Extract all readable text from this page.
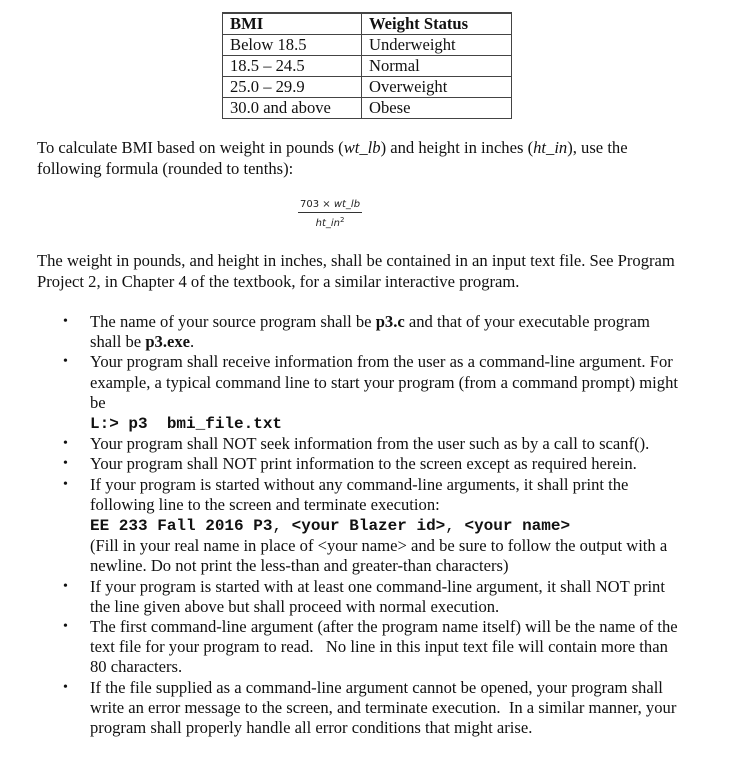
BMI	Weight Status
Below 18.5	Underweight
18.5 – 24.5	Normal
25.0 – 29.9	Overweight
30.0 and above	Obese

To calculate BMI based on weight in pounds (wt_lb) and height in inches (ht_in), use the following formula (rounded to tenths):

$\frac{703 \times wt\_lb}{ht\_in^2}$

The weight in pounds, and height in inches, shall be contained in an input text file. See Program Project 2, in Chapter 4 of the textbook, for a similar interactive program.

• The name of your source program shall be p3.c and that of your executable program shall be p3.exe.
• Your program shall receive information from the user as a command-line argument. For example, a typical command line to start your program (from a command prompt) might be
L:> p3  bmi_file.txt
• Your program shall NOT seek information from the user such as by a call to scanf().
• Your program shall NOT print information to the screen except as required herein.
• If your program is started without any command-line arguments, it shall print the following line to the screen and terminate execution:
EE 233 Fall 2016 P3, <your Blazer id>, <your name>
(Fill in your real name in place of <your name> and be sure to follow the output with a newline. Do not print the less-than and greater-than characters)
• If your program is started with at least one command-line argument, it shall NOT print the line given above but shall proceed with normal execution.
• The first command-line argument (after the program name itself) will be the name of the text file for your program to read.   No line in this input text file will contain more than 80 characters.
• If the file supplied as a command-line argument cannot be opened, your program shall write an error message to the screen, and terminate execution.  In a similar manner, your program shall properly handle all error conditions that might arise.
